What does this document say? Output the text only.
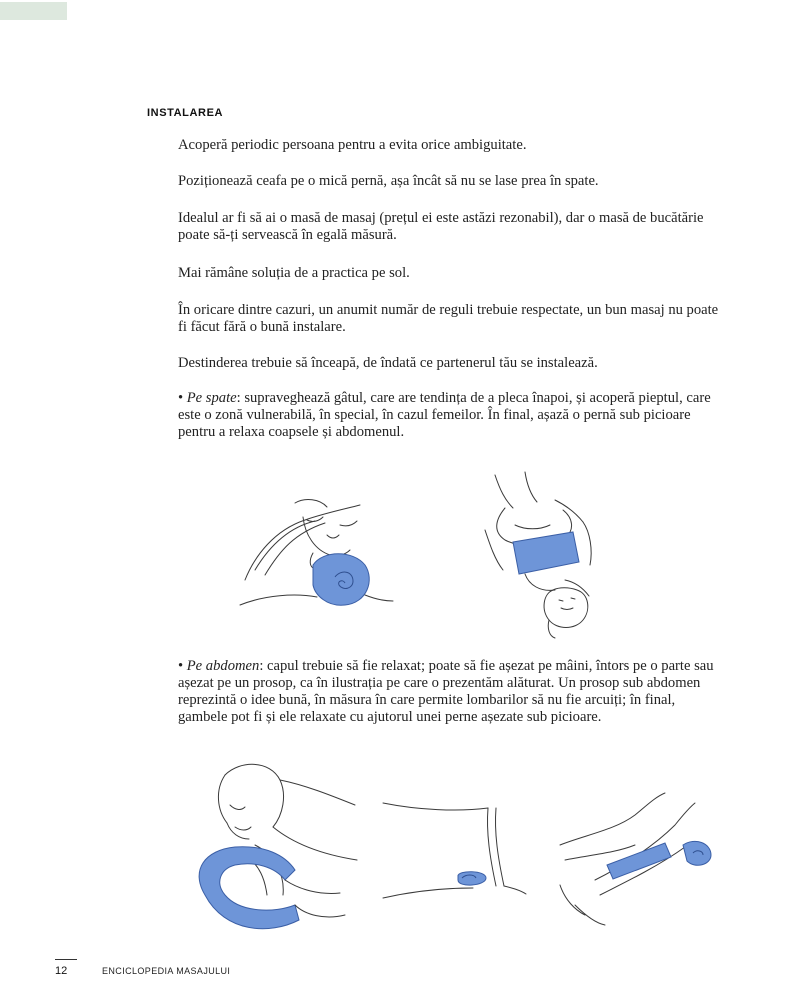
INSTALAREA

Acoperă periodic persoana pentru a evita orice ambiguitate.

Poziționează ceafa pe o mică pernă, așa încât să nu se lase prea în spate.

Idealul ar fi să ai o masă de masaj (prețul ei este astăzi rezonabil), dar o masă de bucătărie poate să-ți servească în egală măsură.

Mai rămâne soluția de a practica pe sol.

În oricare dintre cazuri, un anumit număr de reguli trebuie respectate, un bun masaj nu poate fi făcut fără o bună instalare.

Destinderea trebuie să înceapă, de îndată ce partenerul tău se instalează.

• Pe spate: supraveghează gâtul, care are tendința de a pleca înapoi, și acoperă pieptul, care este o zonă vulnerabilă, în special, în cazul femeilor. În final, așază o pernă sub picioare pentru a relaxa coapsele și abdomenul.

• Pe abdomen: capul trebuie să fie relaxat; poate să fie așezat pe mâini, întors pe o parte sau așezat pe un prosop, ca în ilustrația pe care o prezentăm alăturat. Un prosop sub abdomen reprezintă o idee bună, în măsura în care permite lombarilor să nu fie arcuiți; în final, gambele pot fi și ele relaxate cu ajutorul unei perne așezate sub picioare.

12	ENCICLOPEDIA MASAJULUI
